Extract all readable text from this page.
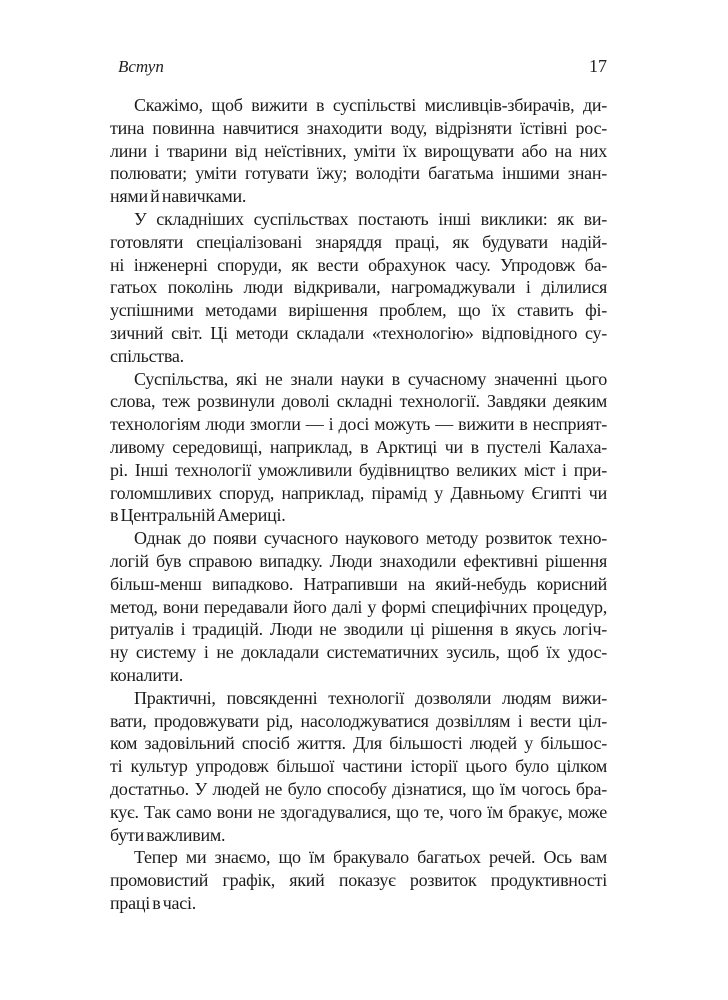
Вступ	17
Скажімо, щоб вижити в суспільстві мисливців-збирачів, ди-
тина повинна навчитися знаходити воду, відрізняти їстівні рос-
лини і тварини від неїстівних, уміти їх вирощувати або на них
полювати; уміти готувати їжу; володіти багатьма іншими знан-
нями й навичками.
У складніших суспільствах постають інші виклики: як ви-
готовляти спеціалізовані знаряддя праці, як будувати надій-
ні інженерні споруди, як вести обрахунок часу. Упродовж ба-
гатьох поколінь люди відкривали, нагромаджували і ділилися
успішними методами вирішення проблем, що їх ставить фі-
зичний світ. Ці методи складали «технологію» відповідного су-
спільства.
Суспільства, які не знали науки в сучасному значенні цього
слова, теж розвинули доволі складні технології. Завдяки деяким
технологіям люди змогли — і досі можуть — вижити в несприят-
ливому середовищі, наприклад, в Арктиці чи в пустелі Калаха-
рі. Інші технології уможливили будівництво великих міст і при-
голомшливих споруд, наприклад, пірамід у Давньому Єгипті чи
в Центральній Америці.
Однак до появи сучасного наукового методу розвиток техно-
логій був справою випадку. Люди знаходили ефективні рішення
більш-менш випадково. Натрапивши на який-небудь корисний
метод, вони передавали його далі у формі специфічних процедур,
ритуалів і традицій. Люди не зводили ці рішення в якусь логіч-
ну систему і не докладали систематичних зусиль, щоб їх удос-
коналити.
Практичні, повсякденні технології дозволяли людям вижи-
вати, продовжувати рід, насолоджуватися дозвіллям і вести ціл-
ком задовільний спосіб життя. Для більшості людей у більшос-
ті культур упродовж більшої частини історії цього було цілком
достатньо. У людей не було способу дізнатися, що їм чогось бра-
кує. Так само вони не здогадувалися, що те, чого їм бракує, може
бути важливим.
Тепер ми знаємо, що їм бракувало багатьох речей. Ось вам
промовистий графік, який показує розвиток продуктивності
праці в часі.
